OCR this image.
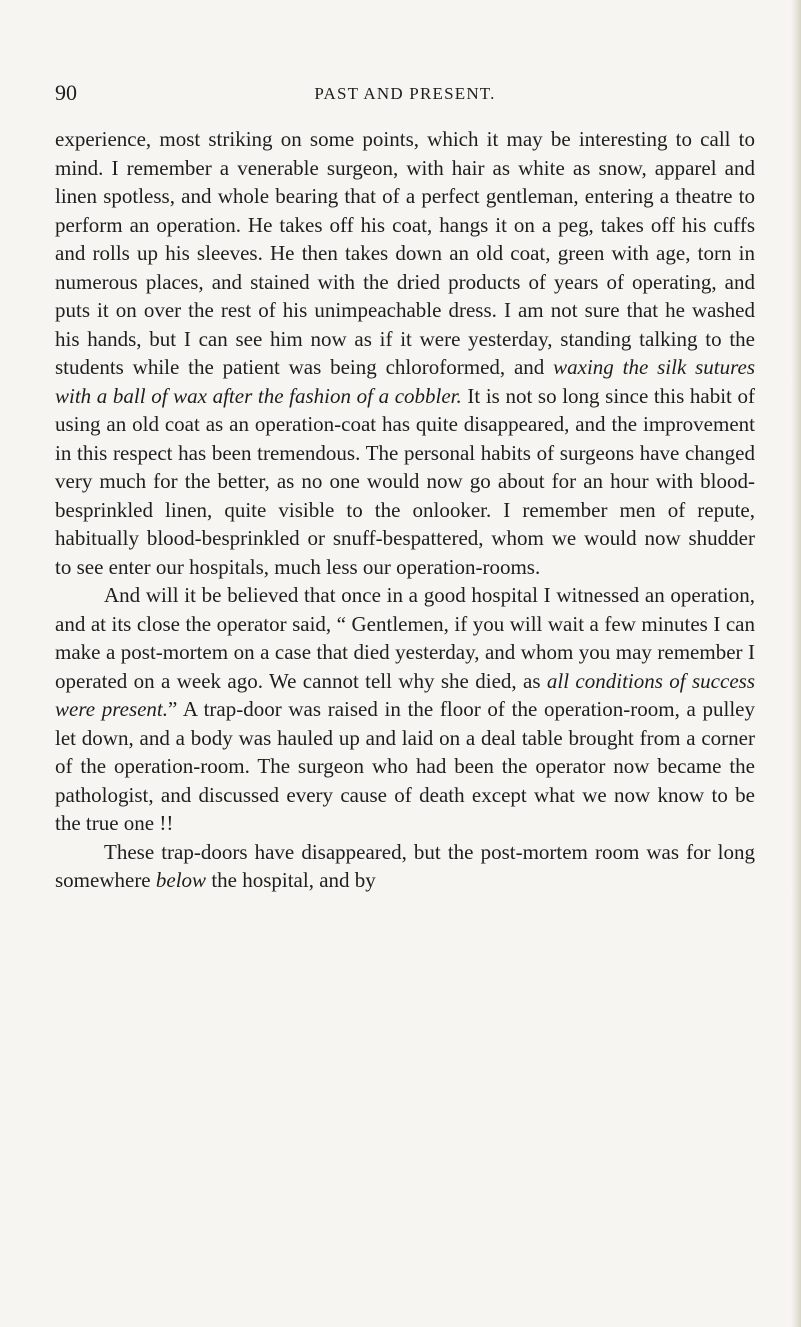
90	PAST AND PRESENT.

experience, most striking on some points, which it may be interesting to call to mind. I remember a venerable surgeon, with hair as white as snow, apparel and linen spotless, and whole bearing that of a perfect gentleman, entering a theatre to perform an operation. He takes off his coat, hangs it on a peg, takes off his cuffs and rolls up his sleeves. He then takes down an old coat, green with age, torn in numerous places, and stained with the dried products of years of operating, and puts it on over the rest of his unimpeachable dress. I am not sure that he washed his hands, but I can see him now as if it were yesterday, standing talking to the students while the patient was being chloroformed, and waxing the silk sutures with a ball of wax after the fashion of a cobbler. It is not so long since this habit of using an old coat as an operation-coat has quite disappeared, and the improvement in this respect has been tremendous. The personal habits of surgeons have changed very much for the better, as no one would now go about for an hour with blood-besprinkled linen, quite visible to the onlooker. I remember men of repute, habitually blood-besprinkled or snuff-bespattered, whom we would now shudder to see enter our hospitals, much less our operation-rooms.

And will it be believed that once in a good hospital I witnessed an operation, and at its close the operator said, “ Gentlemen, if you will wait a few minutes I can make a post-mortem on a case that died yesterday, and whom you may remember I operated on a week ago. We cannot tell why she died, as all conditions of success were present.” A trap-door was raised in the floor of the operation-room, a pulley let down, and a body was hauled up and laid on a deal table brought from a corner of the operation-room. The surgeon who had been the operator now became the pathologist, and discussed every cause of death except what we now know to be the true one !!

These trap-doors have disappeared, but the post-mortem room was for long somewhere below the hospital, and by
